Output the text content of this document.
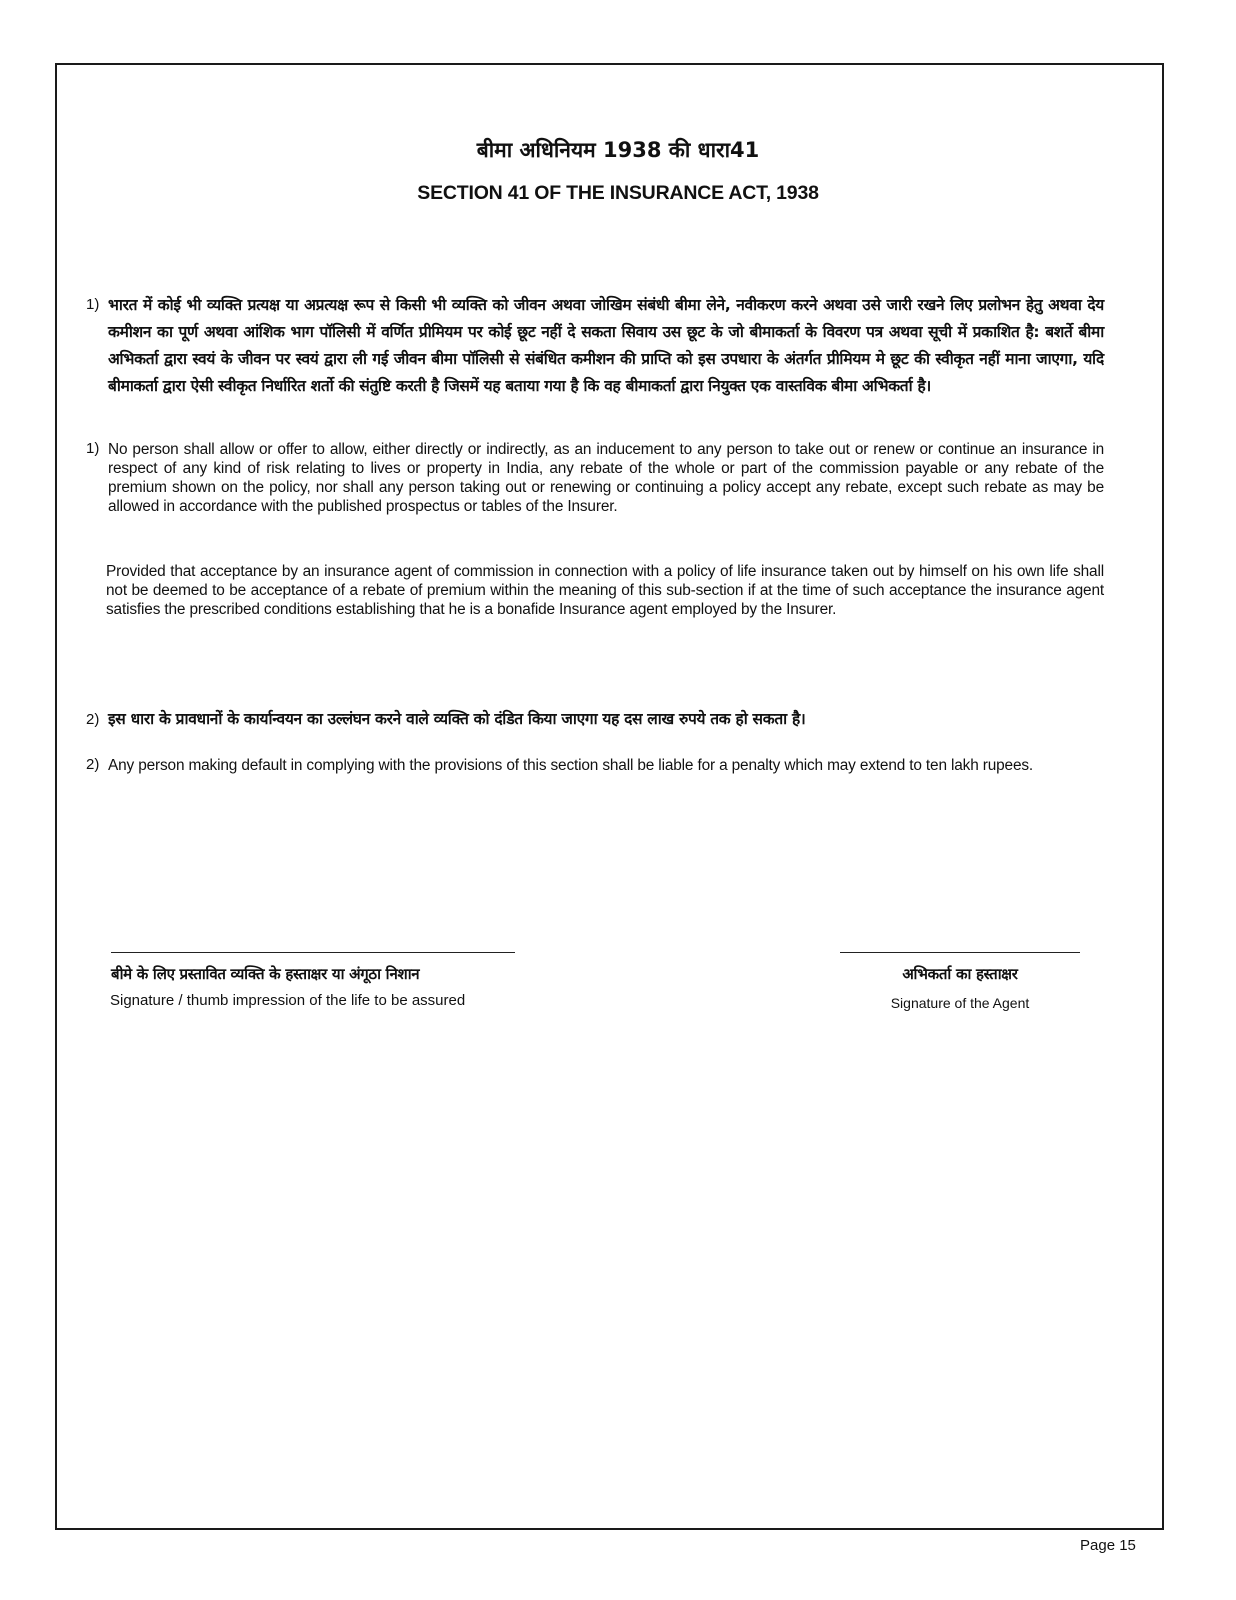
बीमा अधिनियम 1938 की धारा41
SECTION 41 OF THE INSURANCE ACT, 1938
1) भारत में कोई भी व्यक्ति प्रत्यक्ष या अप्रत्यक्ष रूप से किसी भी व्यक्ति को जीवन अथवा जोखिम संबंधी बीमा लेने, नवीकरण करने अथवा उसे जारी रखने लिए प्रलोभन हेतु अथवा देय कमीशन का पूर्ण अथवा आंशिक भाग पॉलिसी में वर्णित प्रीमियम पर कोई छूट नहीं दे सकता सिवाय उस छूट के जो बीमाकर्ता के विवरण पत्र अथवा सूची में प्रकाशित है: बशर्ते बीमा अभिकर्ता द्वारा स्वयं के जीवन पर स्वयं द्वारा ली गई जीवन बीमा पॉलिसी से संबंधित कमीशन की प्राप्ति को इस उपधारा के अंतर्गत प्रीमियम मे छूट की स्वीकृत नहीं माना जाएगा, यदि बीमाकर्ता द्वारा ऐसी स्वीकृत निर्धारित शर्तो की संतुष्टि करती है जिसमें यह बताया गया है कि वह बीमाकर्ता द्वारा नियुक्त एक वास्तविक बीमा अभिकर्ता है।
1) No person shall allow or offer to allow, either directly or indirectly, as an inducement to any person to take out or renew or continue an insurance in respect of any kind of risk relating to lives or property in India, any rebate of the whole or part of the commission payable or any rebate of the premium shown on the policy, nor shall any person taking out or renewing or continuing a policy accept any rebate, except such rebate as may be allowed in accordance with the published prospectus or tables of the Insurer.
Provided that acceptance by an insurance agent of commission in connection with a policy of life insurance taken out by himself on his own life shall not be deemed to be acceptance of a rebate of premium within the meaning of this sub-section if at the time of such acceptance the insurance agent satisfies the prescribed conditions establishing that he is a bonafide Insurance agent employed by the Insurer.
2) इस धारा के प्रावधानों के कार्यान्वयन का उल्लंघन करने वाले व्यक्ति को दंडित किया जाएगा यह दस लाख रुपये तक हो सकता है।
2) Any person making default in complying with the provisions of this section shall be liable for a penalty which may extend to ten lakh rupees.
बीमे के लिए प्रस्तावित व्यक्ति के हस्ताक्षर या अंगूठा निशान
Signature / thumb impression of the life to be assured
अभिकर्ता का हस्ताक्षर
Signature of the Agent
Page 15
